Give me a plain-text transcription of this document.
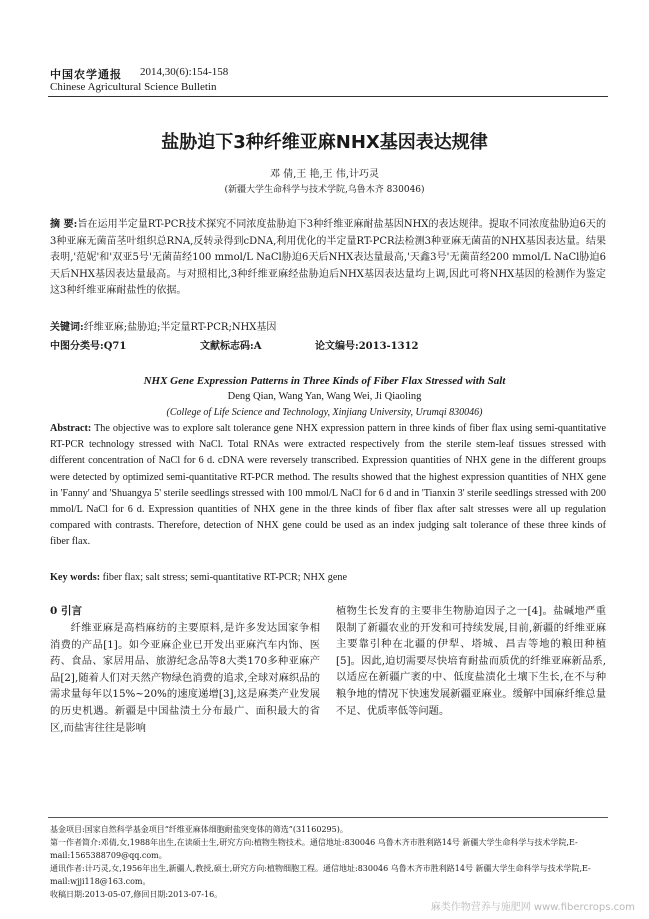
中国农学通报 2014,30(6):154-158
Chinese Agricultural Science Bulletin
盐胁迫下3种纤维亚麻NHX基因表达规律
邓 倩,王 艳,王 伟,计巧灵
(新疆大学生命科学与技术学院,乌鲁木齐 830046)
摘 要:旨在运用半定量RT-PCR技术探究不同浓度盐胁迫下3种纤维亚麻耐盐基因NHX的表达规律。提取不同浓度盐胁迫6天的3种亚麻无菌苗茎叶组织总RNA,反转录得到cDNA,利用优化的半定量RT-PCR法检测3种亚麻无菌苗的NHX基因表达量。结果表明,'范妮'和'双亚5号'无菌苗经100 mmol/L NaCl胁迫6天后NHX表达量最高,'天鑫3号'无菌苗经200 mmol/L NaCl胁迫6天后NHX基因表达量最高。与对照相比,3种纤维亚麻经盐胁迫后NHX基因表达量均上调,因此可将NHX基因的检测作为鉴定这3种纤维亚麻耐盐性的依据。
关键词:纤维亚麻;盐胁迫;半定量RT-PCR;NHX基因
中图分类号:Q71	文献标志码:A	论文编号:2013-1312
NHX Gene Expression Patterns in Three Kinds of Fiber Flax Stressed with Salt
Deng Qian, Wang Yan, Wang Wei, Ji Qiaoling
(College of Life Science and Technology, Xinjiang University, Urumqi 830046)
Abstract: The objective was to explore salt tolerance gene NHX expression pattern in three kinds of fiber flax using semi-quantitative RT-PCR technology stressed with NaCl. Total RNAs were extracted respectively from the sterile stem-leaf tissues stressed with different concentration of NaCl for 6 d. cDNA were reversely transcribed. Expression quantities of NHX gene in the different groups were detected by optimized semi-quantitative RT-PCR method. The results showed that the highest expression quantities of NHX gene in 'Fanny' and 'Shuangya 5' sterile seedlings stressed with 100 mmol/L NaCl for 6 d and in 'Tianxin 3' sterile seedlings stressed with 200 mmol/L NaCl for 6 d. Expression quantities of NHX gene in the three kinds of fiber flax after salt stresses were all up regulation compared with contrasts. Therefore, detection of NHX gene could be used as an index judging salt tolerance of these three kinds of fiber flax.
Key words: fiber flax; salt stress; semi-quantitative RT-PCR; NHX gene
0 引言
纤维亚麻是高档麻纺的主要原料,是许多发达国家争相消费的产品[1]。如今亚麻企业已开发出亚麻汽车内饰、医药、食品、家居用品、旅游纪念品等8大类170多种亚麻产品[2],随着人们对天然产物绿色消费的追求,全球对麻织品的需求量每年以15%~20%的速度递增[3],这是麻类产业发展的历史机遇。新疆是中国盐渍土分布最广、面积最大的省区,而盐害往往是影响
植物生长发育的主要非生物胁迫因子之一[4]。盐碱地严重限制了新疆农业的开发和可持续发展,目前,新疆的纤维亚麻主要靠引种在北疆的伊犁、塔城、昌吉等地的粮田种植[5]。因此,迫切需要尽快培育耐盐而质优的纤维亚麻新品系,以适应在新疆广袤的中、低度盐渍化土壤下生长,在不与种粮争地的情况下快速发展新疆亚麻业。缓解中国麻纤维总量不足、优质率低等问题。
基金项目:国家自然科学基金项目“纤维亚麻体细胞耐盐突变体的筛选”(31160295)。
第一作者简介:邓倩,女,1988年出生,在读硕士生,研究方向:植物生物技术。通信地址:830046 乌鲁木齐市胜利路14号 新疆大学生命科学与技术学院,E-mail:1565388709@qq.com。
通讯作者:计巧灵,女,1956年出生,新疆人,教授,硕士,研究方向:植物细胞工程。通信地址:830046 乌鲁木齐市胜利路14号 新疆大学生命科学与技术学院,E-mail:wjji118@163.com。
收稿日期:2013-05-07,修回日期:2013-07-16。
麻类作物营养与施肥网 www.fibercrops.com
